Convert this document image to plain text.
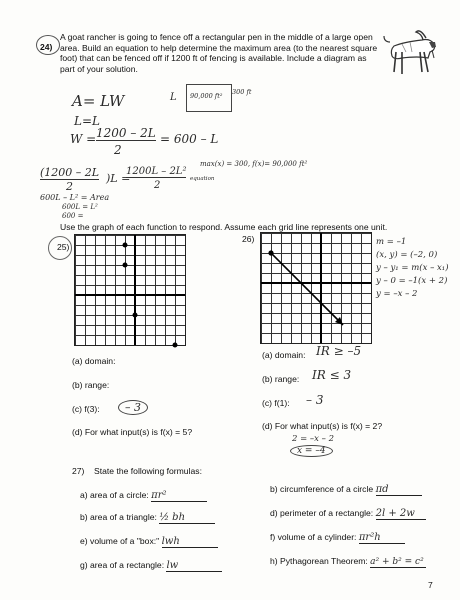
24)
A goat rancher is going to fence off a rectangular pen in the middle of a large open area. Build an equation to help determine the maximum area (to the nearest square foot) that can be fenced off if 1200 ft of fencing is available. Include a diagram as part of your solution.
A= LW	L 90,000 ft² 300 ft
L=L
W = 1200 – 2L
2
= 600 – L
(1200 – 2L
2
)L =
1200L – 2L²
2
equation
max(x) = 300, f(x)= 90,000 ft²
600L – L² = Area
600L = L²
600 =
Use the graph of each function to respond. Assume each grid line represents one unit.
25)
(a) domain:
(b) range:
(c) f(3):	– 3
(d) For what input(s) is f(x) = 5?
26)	m = –1
(x, y) = (–2, 0)
y – y₁ = m(x – x₁)
y – 0 = –1(x + 2)
y = –x – 2
(a) domain: IR ≥ –5
(b) range: IR ≤ 3
(c) f(1): – 3
(d) For what input(s) is f(x) = 2?
2 = –x – 2
x = –4
27) State the following formulas:
a) area of a circle: πr²
b) area of a triangle: ½ bh
e) volume of a "box:" lwh
g) area of a rectangle: lw
b) circumference of a circle πd
d) perimeter of a rectangle: 2l + 2w
f) volume of a cylinder: πr²h
h) Pythagorean Theorem: a² + b² = c²
7
